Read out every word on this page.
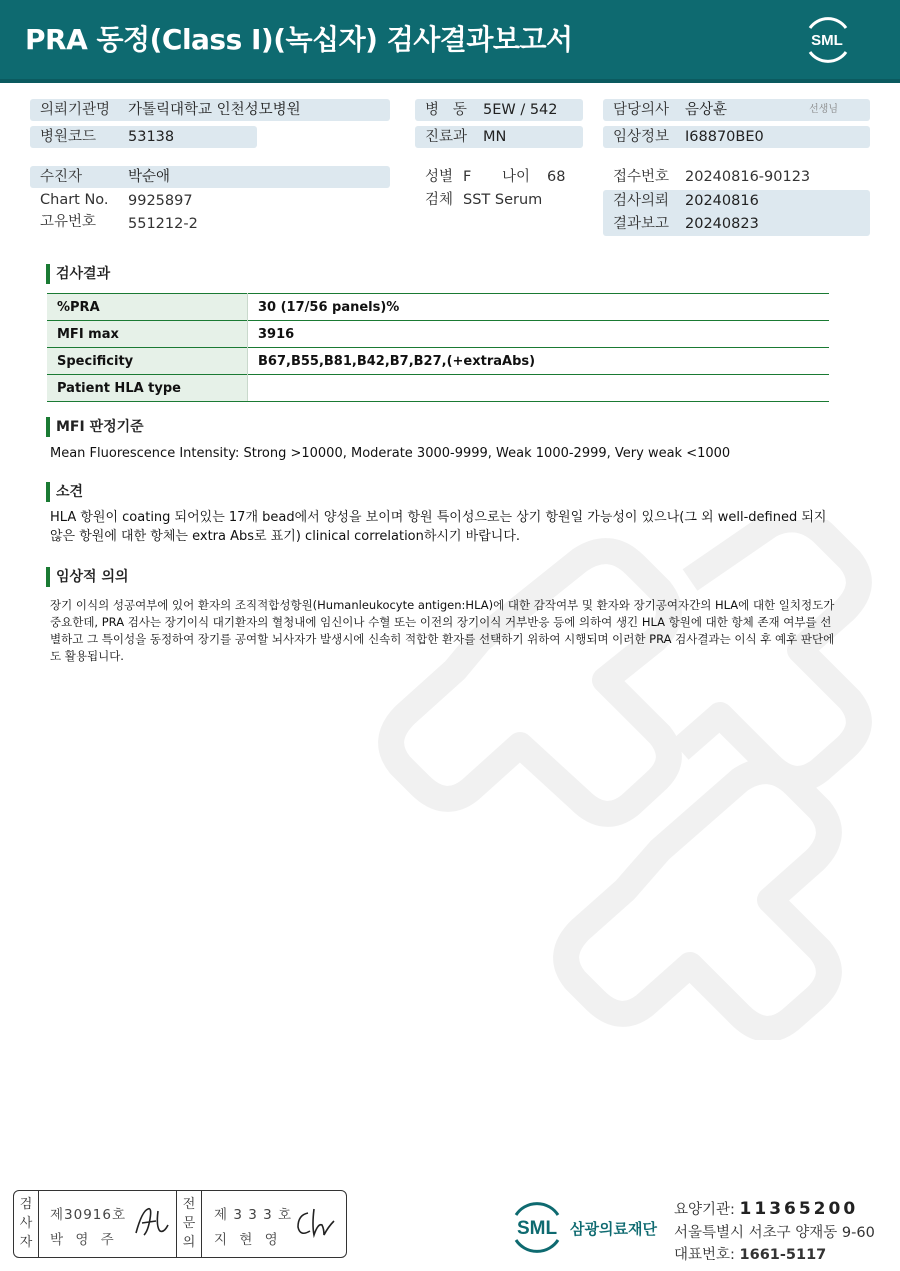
PRA 동정(Class I)(녹십자) 검사결과보고서	SML
의뢰기관명 가톨릭대학교 인천성모병원
병원코드 53138
병   동 5EW / 542
진료과 MN
담당의사 음상훈	선생님
임상정보 I68870BE0
수진자	박순애
Chart No. 9925897
고유번호 551212-2
성별 F 나이 68
검체 SST Serum
접수번호 20240816-90123
검사의뢰 20240816
결과보고 20240823
검사결과
%PRA	30 (17/56 panels)%
MFI max	3916
Specificity	B67,B55,B81,B42,B7,B27,(+extraAbs)
Patient HLA type	
MFI 판정기준
Mean Fluorescence Intensity: Strong >10000, Moderate 3000-9999, Weak 1000-2999, Very weak <1000
소견
HLA 항원이 coating 되어있는 17개 bead에서 양성을 보이며 항원 특이성으로는 상기 항원일 가능성이 있으나(그 외 well-defined 되지 않은 항원에 대한 항체는 extra Abs로 표기) clinical correlation하시기 바랍니다.
임상적 의의
장기 이식의 성공여부에 있어 환자의 조직적합성항원(Humanleukocyte antigen:HLA)에 대한 감작여부 및 환자와 장기공여자간의 HLA에 대한 일치정도가 중요한데, PRA 검사는 장기이식 대기환자의 혈청내에 임신이나 수혈 또는 이전의 장기이식 거부반응 등에 의하여 생긴 HLA 항원에 대한 항체 존재 여부를 선별하고 그 특이성을 동정하여 장기를 공여할 뇌사자가 발생시에 신속히 적합한 환자를 선택하기 위하여 시행되며 이러한 PRA 검사결과는 이식 후 예후 판단에도 활용됩니다.
검사자
제30916호
박 영 주
전문의
제 3 3 3 호
지 현 영
SML 삼광의료재단
요양기관: 11365200
서울특별시 서초구 양재동 9-60
대표번호: 1661-5117
